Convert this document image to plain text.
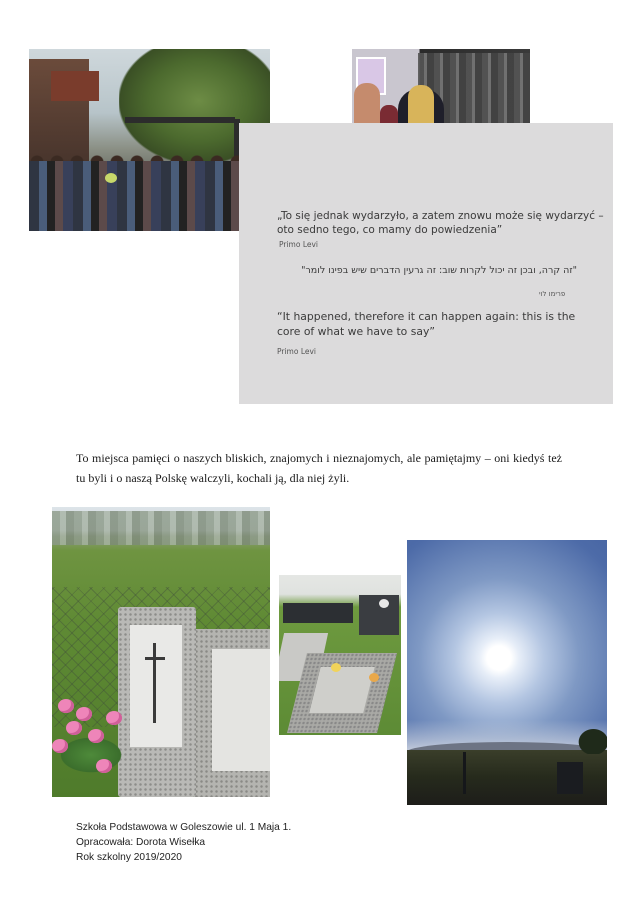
„To się jednak wydarzyło, a zatem znowu może się wydarzyć – oto sedno tego, co mamy do powiedzenia”
Primo Levi
"זה קרה, ובכן זה יכול לקרות שוב: זה גרעין הדברים שיש בפינו לומר"
פרימו לוי
“It happened, therefore it can happen again: this is the core of what we have to say”
Primo Levi
To miejsca pamięci o naszych bliskich, znajomych i nieznajomych, ale pamiętajmy – oni kiedyś też tu byli i o naszą Polskę walczyli, kochali ją, dla niej żyli.
Szkoła Podstawowa w Goleszowie ul. 1 Maja 1.
Opracowała: Dorota Wisełka
Rok szkolny 2019/2020
